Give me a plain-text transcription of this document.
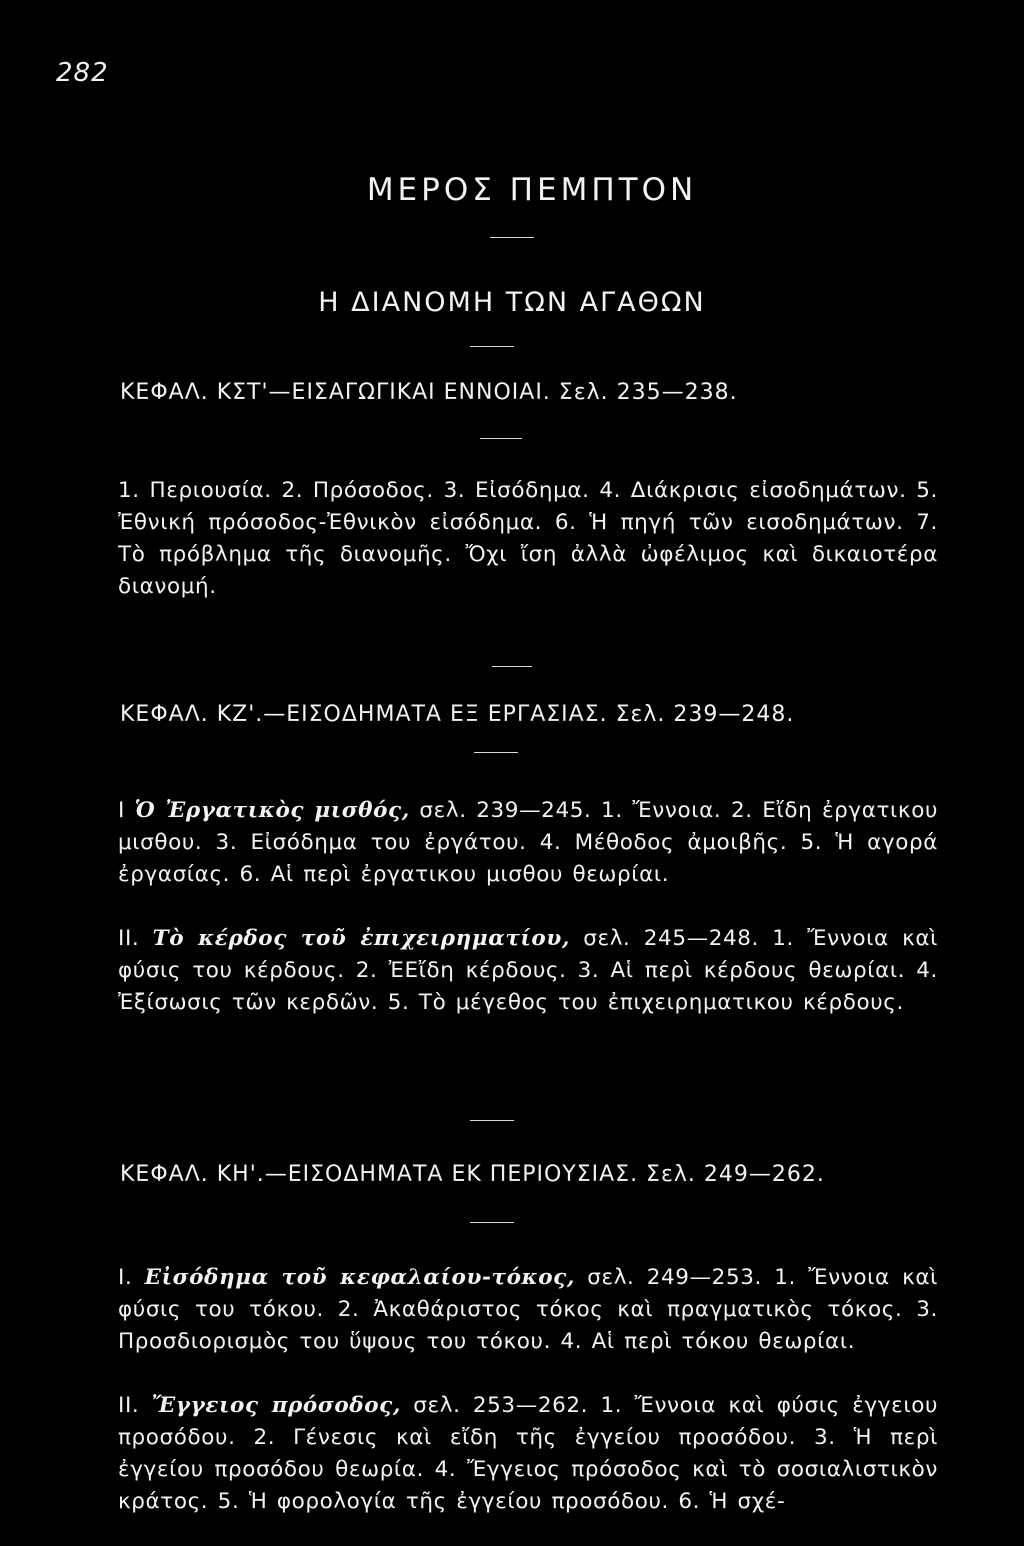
282
ΜΕΡΟΣ ΠΕΜΠΤΟΝ
Η ΔΙΑΝΟΜΗ ΤΩΝ ΑΓΑΘΩΝ
ΚΕΦΑΛ. ΚΣΤ'—ΕΙΣΑΓΩΓΙΚΑΙ ΕΝΝΟΙΑΙ. Σελ. 235—238.

1. Περιουσία. 2. Πρόσοδος. 3. Εἰσόδημα. 4. Διάκρισις εἰσοδημάτων. 5. Ἐθνική πρόσοδος-Ἐθνικὸν εἰσόδημα. 6. Ἡ πηγή τῶν εισοδημάτων. 7. Τὸ πρόβλημα τῆς διανομῆς. Ὄχι ἴση ἀλλὰ ὠφέλιμος καὶ δικαιοτέρα διανομή.

ΚΕΦΑΛ. ΚΖ'.—ΕΙΣΟΔΗΜΑΤΑ ΕΞ ΕΡΓΑΣΙΑΣ. Σελ. 239—248.

Ι Ὁ Ἐργατικὸς μισθός, σελ. 239—245. 1. Ἔννοια. 2. Εἴδη ἐργατικου μισθου. 3. Εἰσόδημα του ἐργάτου. 4. Μέθοδος ἀμοιβῆς. 5. Ἡ αγορά ἐργασίας. 6. Αἱ περὶ ἐργατικου μισθου θεωρίαι.

ΙΙ. Τὸ κέρδος τοῦ ἐπιχειρηματίου, σελ. 245—248. 1. Ἔννοια καὶ φύσις του κέρδους. 2. ἘΕἴδη κέρδους. 3. Αἱ περὶ κέρδους θεωρίαι. 4. Ἐξίσωσις τῶν κερδῶν. 5. Τὸ μέγεθος του ἐπιχειρηματικου κέρδους.

ΚΕΦΑΛ. ΚΗ'.—ΕΙΣΟΔΗΜΑΤΑ ΕΚ ΠΕΡΙΟΥΣΙΑΣ. Σελ. 249—262.

Ι. Εἰσόδημα τοῦ κεφαλαίου-τόκος, σελ. 249—253. 1. Ἔννοια καὶ φύσις του τόκου. 2. Ἀκαθάριστος τόκος καὶ πραγματικὸς τόκος. 3. Προσδιορισμὸς του ὕψους του τόκου. 4. Αἱ περὶ τόκου θεωρίαι.

ΙΙ. Ἔγγειος πρόσοδος, σελ. 253—262. 1. Ἔννοια καὶ φύσις ἐγγειου προσόδου. 2. Γένεσις καὶ εἴδη τῆς ἐγγείου προσόδου. 3. Ἡ περὶ ἐγγείου προσόδου θεωρία. 4. Ἔγγειος πρόσοδος καὶ τὸ σοσιαλιστικὸν κράτος. 5. Ἡ φορολογία τῆς ἐγγείου προσόδου. 6. Ἡ σχέ-
